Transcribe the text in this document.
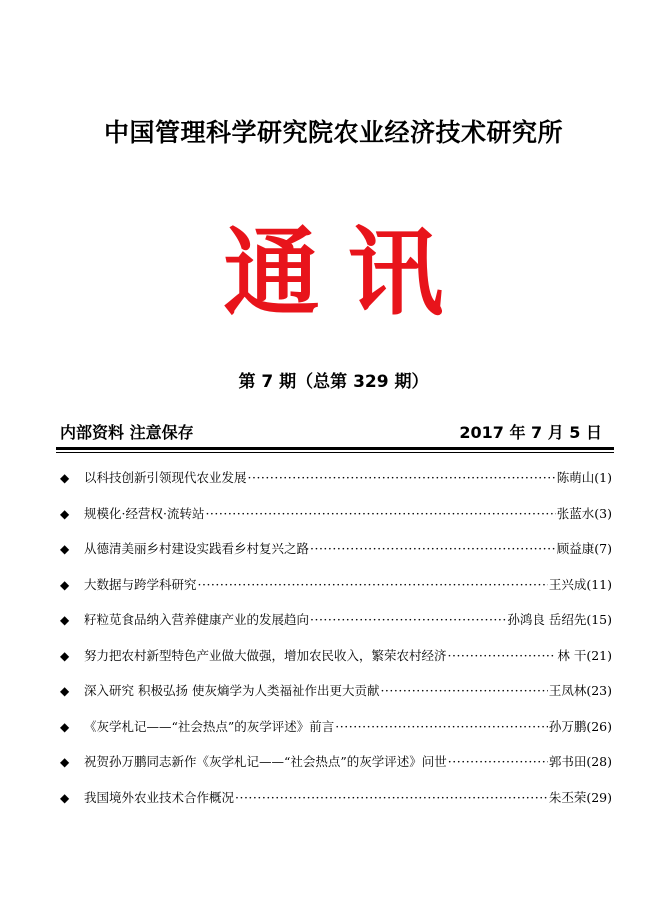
中国管理科学研究院农业经济技术研究所
通讯
第 7 期（总第 329 期）
内部资料 注意保存	2017 年 7 月 5 日
◆	以科技创新引领现代农业发展 ·····	陈萌山 (1)
◆	规模化·经营权·流转站 ·····	张蓝水 (3)
◆	从德清美丽乡村建设实践看乡村复兴之路 ·····	顾益康 (7)
◆	大数据与跨学科研究 ·····	王兴成 (11)
◆	籽粒苋食品纳入营养健康产业的发展趋向 ·····	孙鸿良 岳绍先 (15)
◆	努力把农村新型特色产业做大做强，增加农民收入，繁荣农村经济 ·····	林 干 (21)
◆	深入研究 积极弘扬 使灰熵学为人类福祉作出更大贡献 ·····	王凤林 (23)
◆	《灰学札记——“社会热点”的灰学评述》前言 ·····	孙万鹏 (26)
◆	祝贺孙万鹏同志新作《灰学札记——“社会热点”的灰学评述》问世 ·····	郭书田 (28)
◆	我国境外农业技术合作概况 ·····	朱丕荣 (29)
